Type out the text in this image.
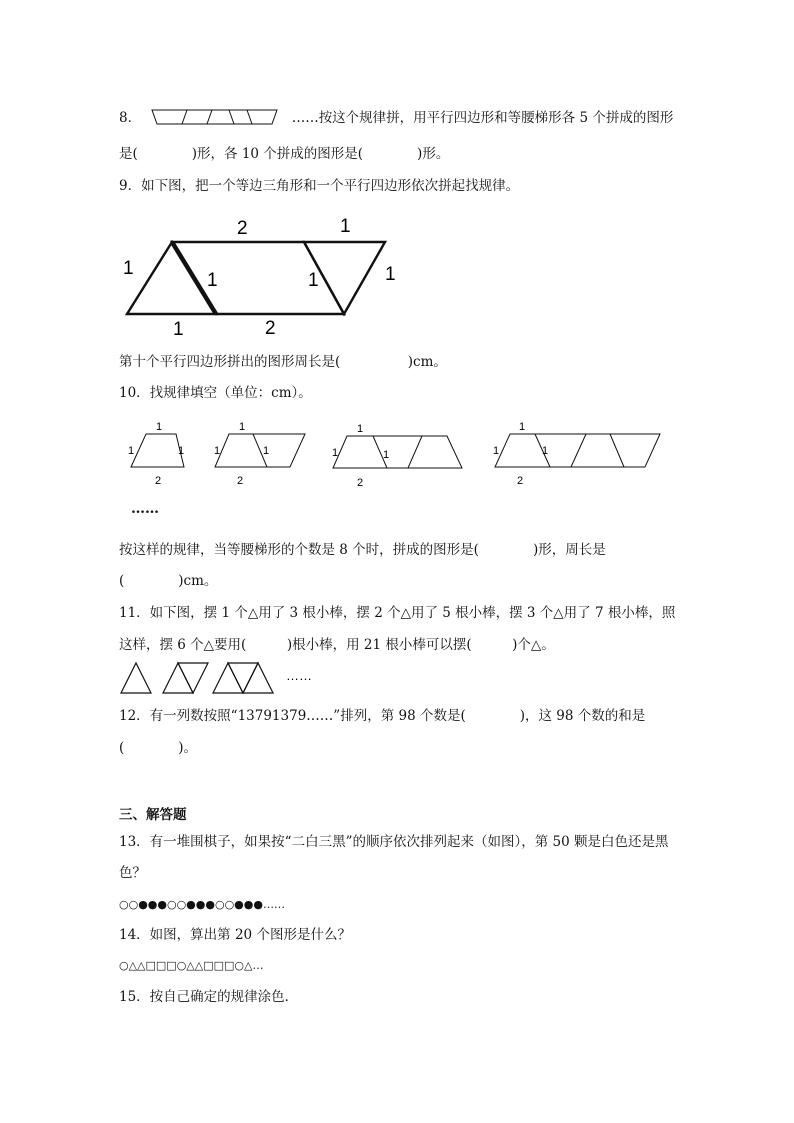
8．	……按这个规律拼，用平行四边形和等腰梯形各 5 个拼成的图形
是(　　　　)形，各 10 个拼成的图形是(　　　　)形。
9．如下图，把一个等边三角形和一个平行四边形依次拼起找规律。
2	1
1
1	1	1
1	2
第十个平行四边形拼出的图形周长是(　　　　　)cm。
10．找规律填空（单位：cm）。
1
1	1
2
1
1	1
2
1
1	1
2
1
1	1
2
……
按这样的规律，当等腰梯形的个数是 8 个时，拼成的图形是(　　　　)形，周长是
(　　　　)cm。
11．如下图，摆 1 个△用了 3 根小棒，摆 2 个△用了 5 根小棒，摆 3 个△用了 7 根小棒，照
这样，摆 6 个△要用(　　　)根小棒，用 21 根小棒可以摆(　　　)个△。
……
12．有一列数按照“13791379……”排列，第 98 个数是(　　　　)，这 98 个数的和是
(　　　　)。
三、解答题
13．有一堆围棋子，如果按“二白三黑”的顺序依次排列起来（如图），第 50 颗是白色还是黑
色？
○○●●●○○●●●○○●●●……
14．如图，算出第 20 个图形是什么？
○△△□□□○△△□□□○△…
15．按自己确定的规律涂色．
